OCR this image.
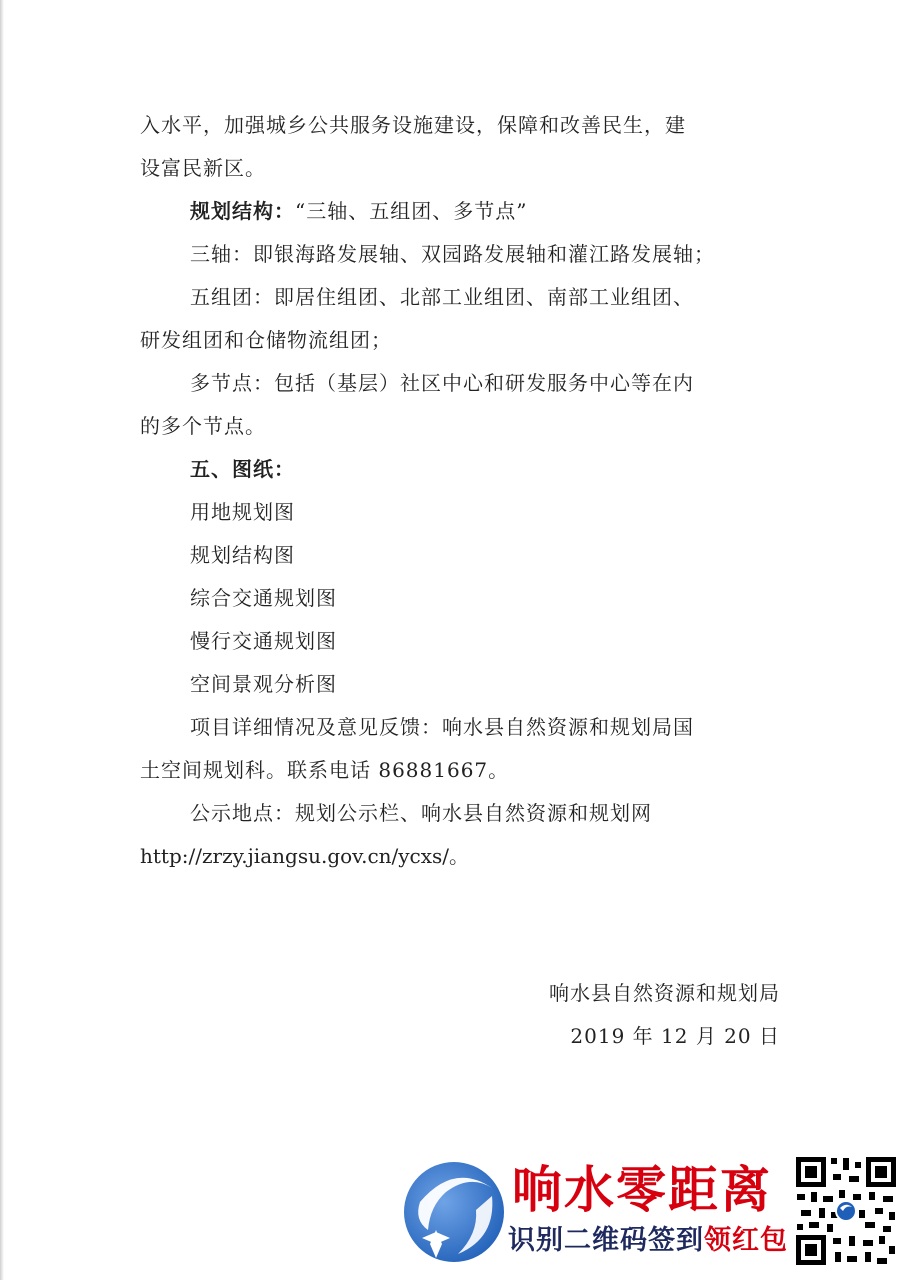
入水平，加强城乡公共服务设施建设，保障和改善民生，建

设富民新区。

规划结构：“三轴、五组团、多节点”

三轴：即银海路发展轴、双园路发展轴和灌江路发展轴；

五组团：即居住组团、北部工业组团、南部工业组团、

研发组团和仓储物流组团；

多节点：包括（基层）社区中心和研发服务中心等在内

的多个节点。

五、图纸：

用地规划图

规划结构图

综合交通规划图

慢行交通规划图

空间景观分析图

项目详细情况及意见反馈：响水县自然资源和规划局国

土空间规划科。联系电话 86881667。

公示地点：规划公示栏、响水县自然资源和规划网

http://zrzy.jiangsu.gov.cn/ycxs/。

响水县自然资源和规划局
2019 年 12 月 20 日
响水零距离
识别二维码签到领红包
